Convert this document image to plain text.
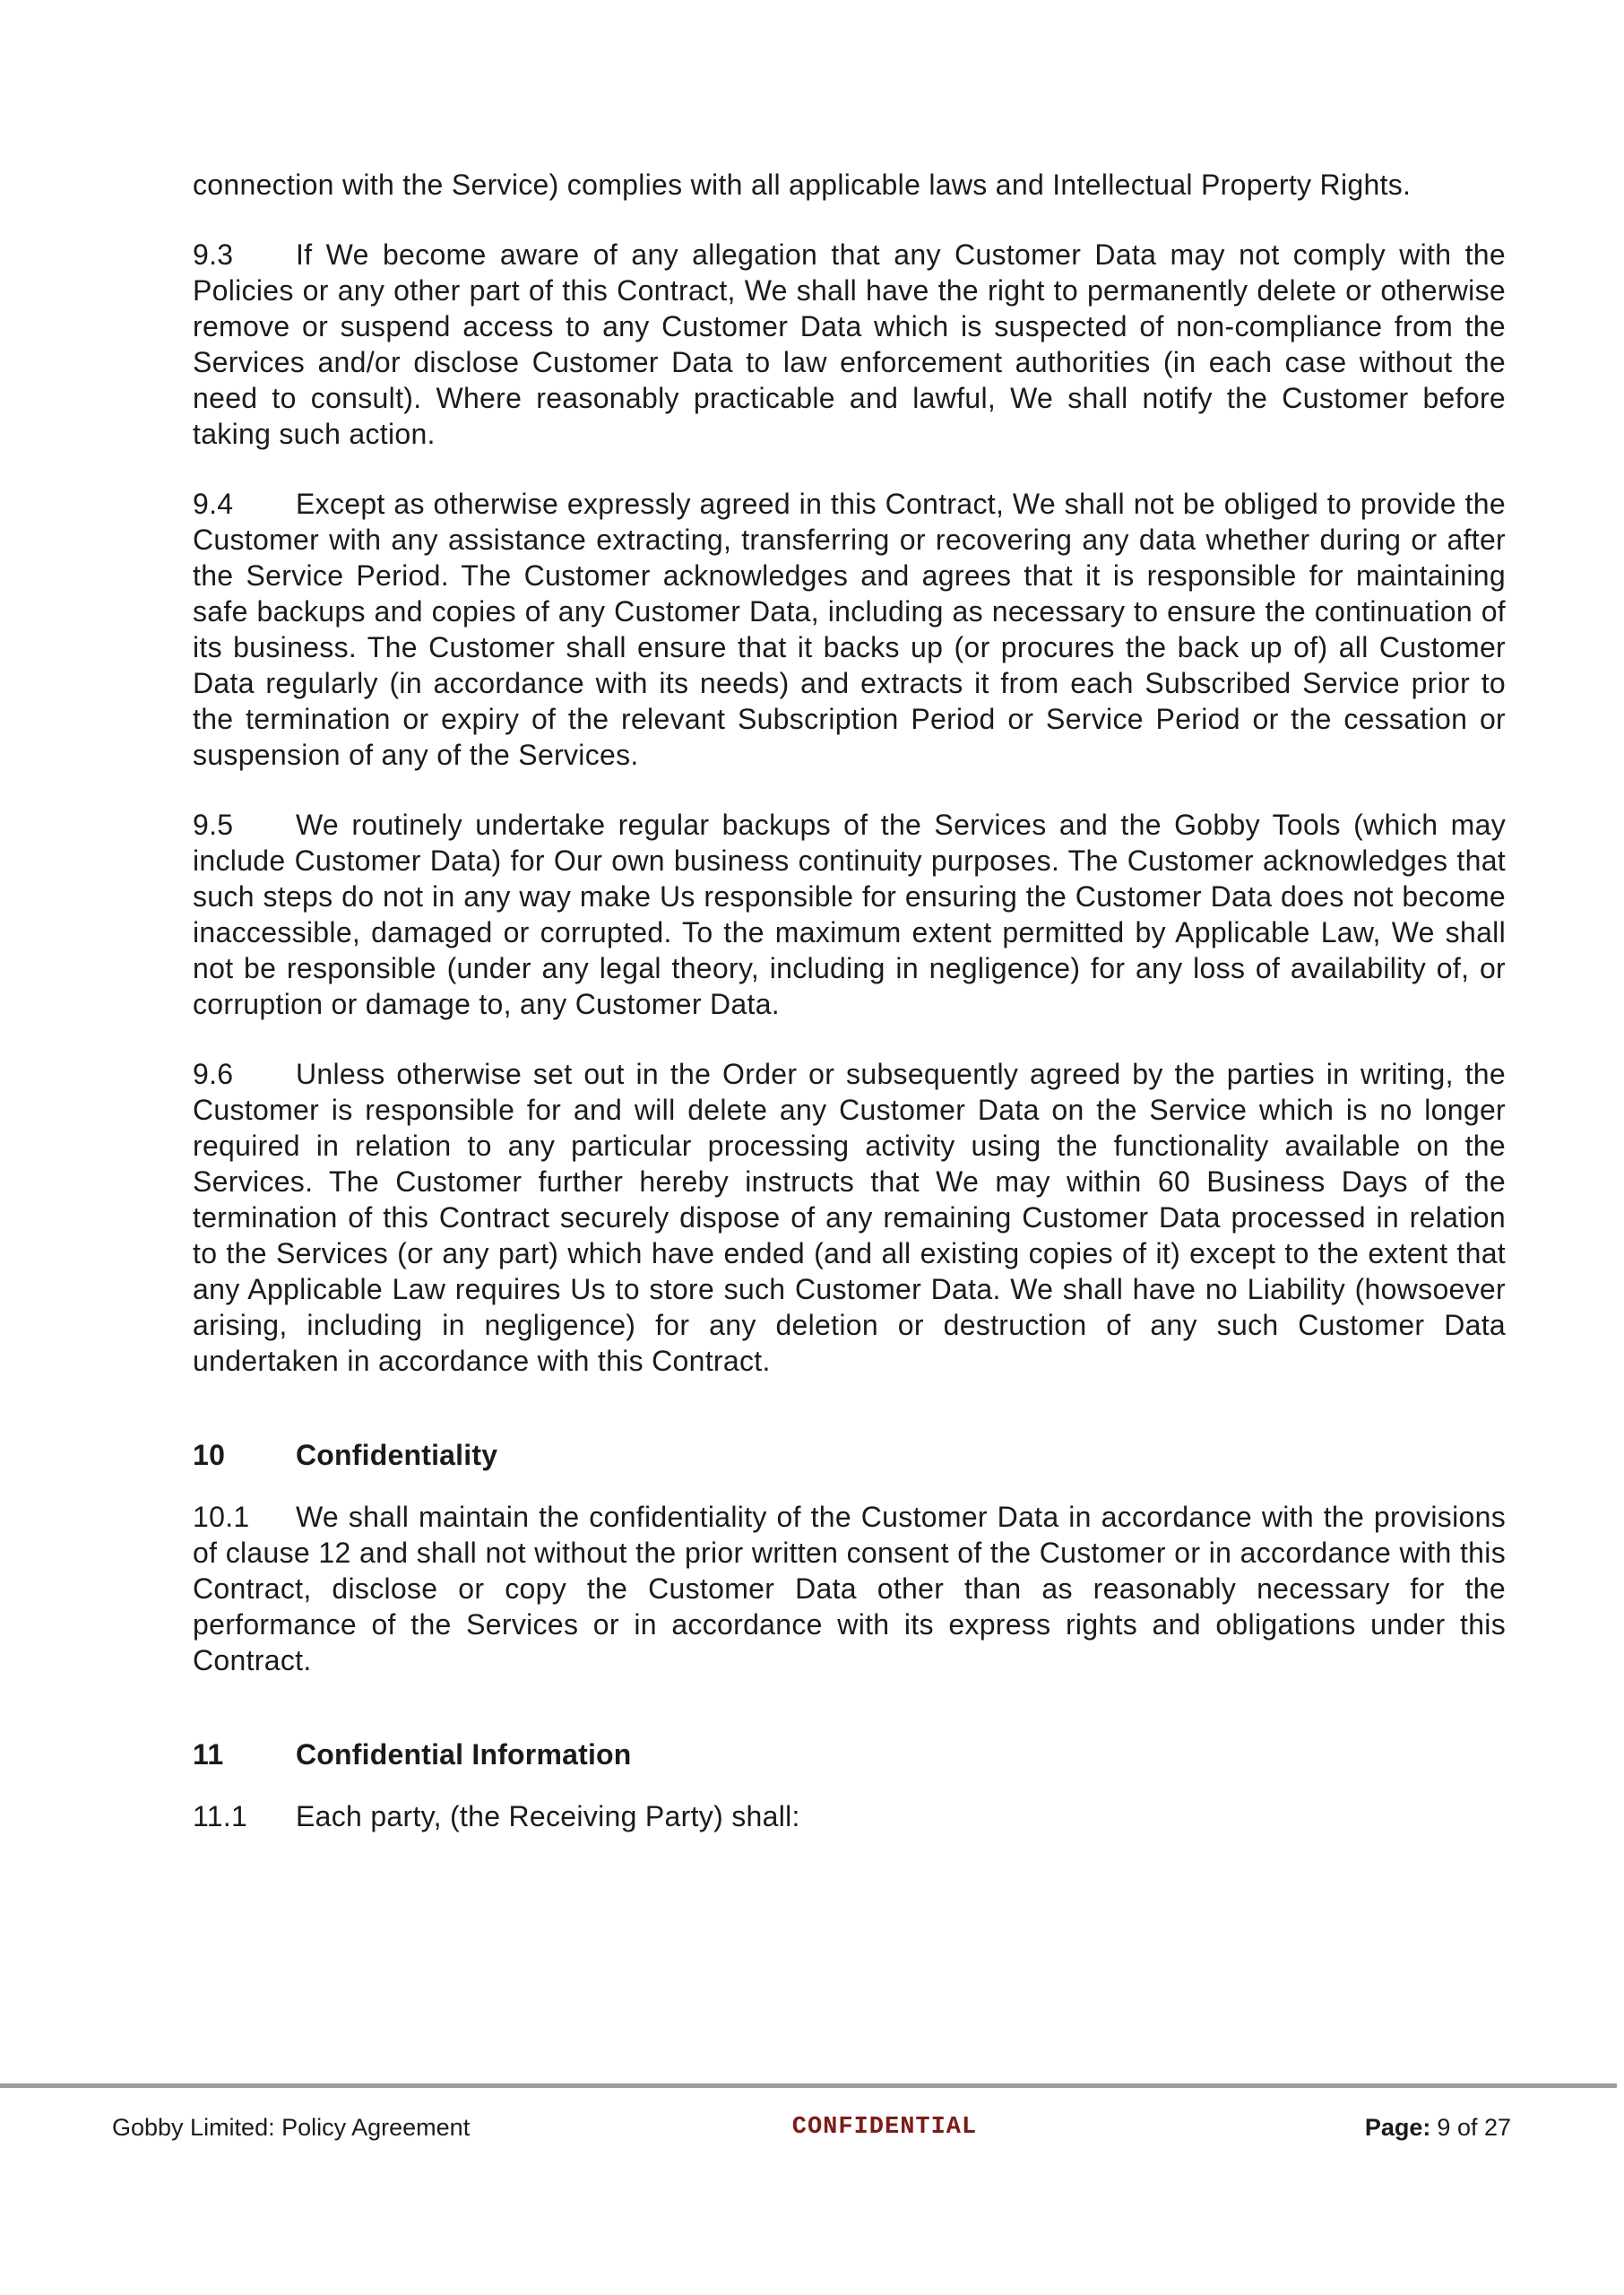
connection with the Service) complies with all applicable laws and Intellectual Property Rights.

9.3 If We become aware of any allegation that any Customer Data may not comply with the Policies or any other part of this Contract, We shall have the right to permanently delete or otherwise remove or suspend access to any Customer Data which is suspected of non-compliance from the Services and/or disclose Customer Data to law enforcement authorities (in each case without the need to consult). Where reasonably practicable and lawful, We shall notify the Customer before taking such action.

9.4 Except as otherwise expressly agreed in this Contract, We shall not be obliged to provide the Customer with any assistance extracting, transferring or recovering any data whether during or after the Service Period. The Customer acknowledges and agrees that it is responsible for maintaining safe backups and copies of any Customer Data, including as necessary to ensure the continuation of its business. The Customer shall ensure that it backs up (or procures the back up of) all Customer Data regularly (in accordance with its needs) and extracts it from each Subscribed Service prior to the termination or expiry of the relevant Subscription Period or Service Period or the cessation or suspension of any of the Services.

9.5 We routinely undertake regular backups of the Services and the Gobby Tools (which may include Customer Data) for Our own business continuity purposes. The Customer acknowledges that such steps do not in any way make Us responsible for ensuring the Customer Data does not become inaccessible, damaged or corrupted. To the maximum extent permitted by Applicable Law, We shall not be responsible (under any legal theory, including in negligence) for any loss of availability of, or corruption or damage to, any Customer Data.

9.6 Unless otherwise set out in the Order or subsequently agreed by the parties in writing, the Customer is responsible for and will delete any Customer Data on the Service which is no longer required in relation to any particular processing activity using the functionality available on the Services. The Customer further hereby instructs that We may within 60 Business Days of the termination of this Contract securely dispose of any remaining Customer Data processed in relation to the Services (or any part) which have ended (and all existing copies of it) except to the extent that any Applicable Law requires Us to store such Customer Data. We shall have no Liability (howsoever arising, including in negligence) for any deletion or destruction of any such Customer Data undertaken in accordance with this Contract.

10 Confidentiality

10.1 We shall maintain the confidentiality of the Customer Data in accordance with the provisions of clause 12 and shall not without the prior written consent of the Customer or in accordance with this Contract, disclose or copy the Customer Data other than as reasonably necessary for the performance of the Services or in accordance with its express rights and obligations under this Contract.

11	Confidential Information

11.1 Each party, (the Receiving Party) shall:

Gobby Limited: Policy Agreement	CONFIDENTIAL	Page: 9 of 27
